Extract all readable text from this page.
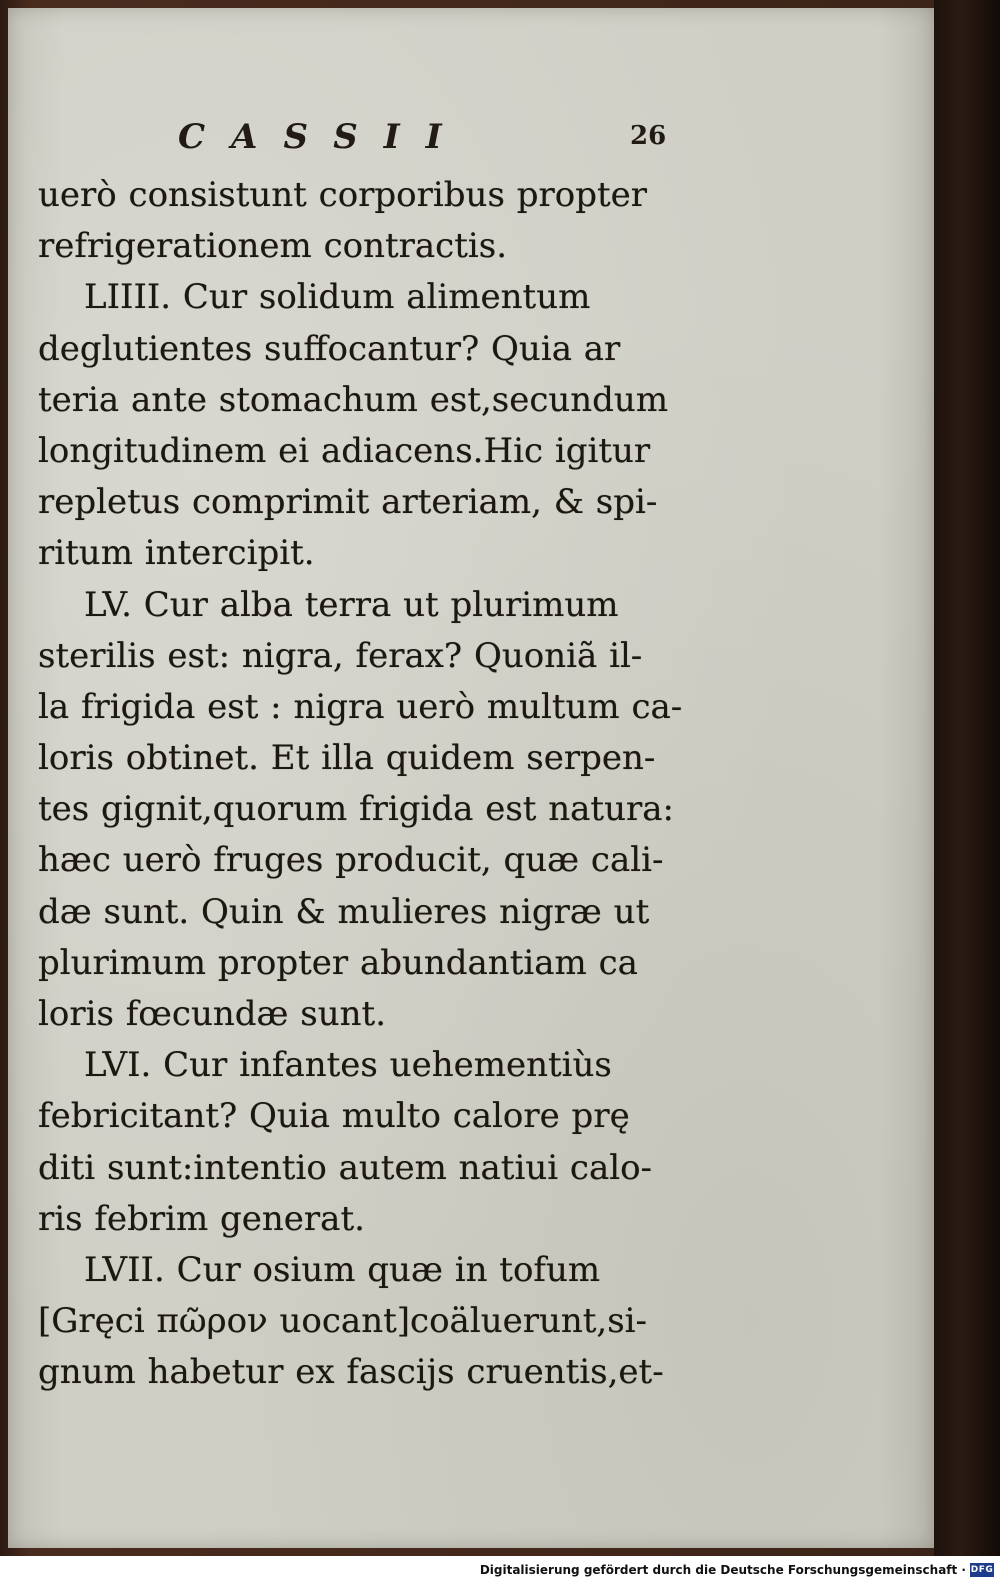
CASSII	26
uerò consistunt corporibus propter
refrigerationem contractis.
LIIII. Cur solidum alimentum
deglutientes suffocantur? Quia ar
teria ante stomachum est,secundum
longitudinem ei adiacens.Hic igitur
repletus comprimit arteriam, & spi-
ritum intercipit.
LV. Cur alba terra ut plurimum
sterilis est: nigra, ferax? Quoniã il-
la frigida est : nigra uerò multum ca-
loris obtinet. Et illa quidem serpen-
tes gignit,quorum frigida est natura:
hæc uerò fruges producit, quæ cali-
dæ sunt. Quin & mulieres nigræ ut
plurimum propter abundantiam ca
loris fœcundæ sunt.
LVI. Cur infantes uehementiùs
febricitant? Quia multo calore prę
diti sunt:intentio autem natiui calo-
ris febrim generat.
LVII. Cur osium quæ in tofum
[Gręci πῶρον uocant]coäluerunt,si-
gnum habetur ex fascijs cruentis,et-
Digitalisierung gefördert durch die Deutsche Forschungsgemeinschaft · DFG
